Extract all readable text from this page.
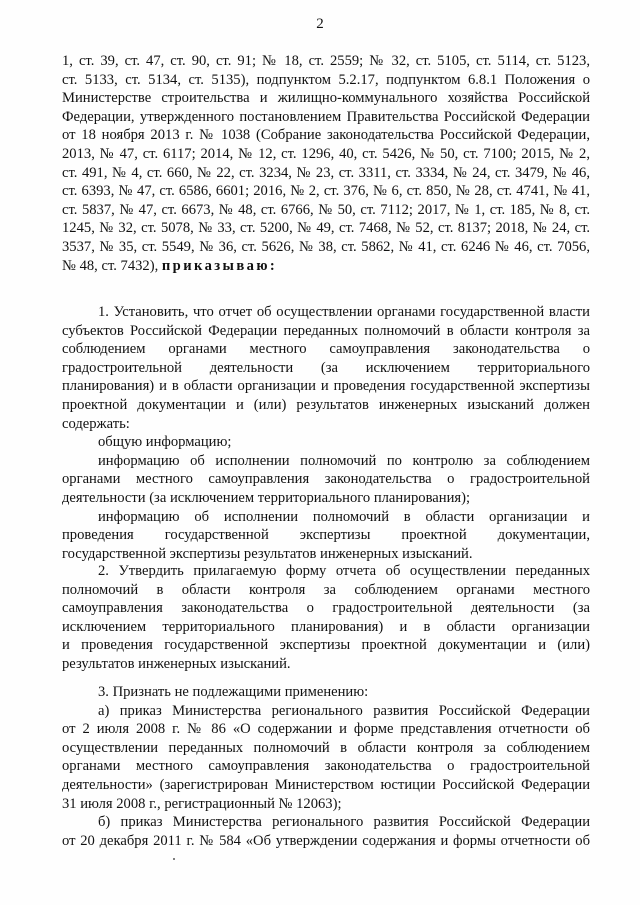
2
1, ст. 39, ст. 47, ст. 90, ст. 91; № 18, ст. 2559; № 32, ст. 5105, ст. 5114, ст. 5123,
ст. 5133, ст. 5134, ст. 5135), подпунктом 5.2.17, подпунктом 6.8.1 Положения о
Министерстве строительства и жилищно-коммунального хозяйства Российской
Федерации, утвержденного постановлением Правительства Российской Федерации
от 18 ноября 2013 г. № 1038 (Собрание законодательства Российской Федерации,
2013, № 47, ст. 6117; 2014, № 12, ст. 1296, 40, ст. 5426, № 50, ст. 7100; 2015, № 2,
ст. 491, № 4, ст. 660, № 22, ст. 3234, № 23, ст. 3311, ст. 3334, № 24, ст. 3479, № 46,
ст. 6393, № 47, ст. 6586, 6601; 2016, № 2, ст. 376, № 6, ст. 850, № 28, ст. 4741, № 41,
ст. 5837, № 47, ст. 6673, № 48, ст. 6766, № 50, ст. 7112; 2017, № 1, ст. 185, № 8, ст.
1245, № 32, ст. 5078, № 33, ст. 5200, № 49, ст. 7468, № 52, ст. 8137; 2018, № 24, ст.
3537, № 35, ст. 5549, № 36, ст. 5626, № 38, ст. 5862, № 41, ст. 6246 № 46, ст. 7056,
№ 48, ст. 7432), приказываю:
1. Установить, что отчет об осуществлении органами государственной власти
субъектов Российской Федерации переданных полномочий в области контроля за
соблюдением органами местного самоуправления законодательства о
градостроительной деятельности (за исключением территориального
планирования) и в области организации и проведения государственной экспертизы
проектной документации и (или) результатов инженерных изысканий должен
содержать:
общую информацию;
информацию об исполнении полномочий по контролю за соблюдением
органами местного самоуправления законодательства о градостроительной
деятельности (за исключением территориального планирования);
информацию об исполнении полномочий в области организации и
проведения государственной экспертизы проектной документации,
государственной экспертизы результатов инженерных изысканий.
2. Утвердить прилагаемую форму отчета об осуществлении переданных
полномочий в области контроля за соблюдением органами местного
самоуправления законодательства о градостроительной деятельности (за
исключением территориального планирования) и в области организации
и проведения государственной экспертизы проектной документации и (или)
результатов инженерных изысканий.
3. Признать не подлежащими применению:
а) приказ Министерства регионального развития Российской Федерации
от 2 июля 2008 г. № 86 «О содержании и форме представления отчетности об
осуществлении переданных полномочий в области контроля за соблюдением
органами местного самоуправления законодательства о градостроительной
деятельности» (зарегистрирован Министерством юстиции Российской Федерации
31 июля 2008 г., регистрационный № 12063);
б) приказ Министерства регионального развития Российской Федерации
от 20 декабря 2011 г. № 584 «Об утверждении содержания и формы отчетности об
